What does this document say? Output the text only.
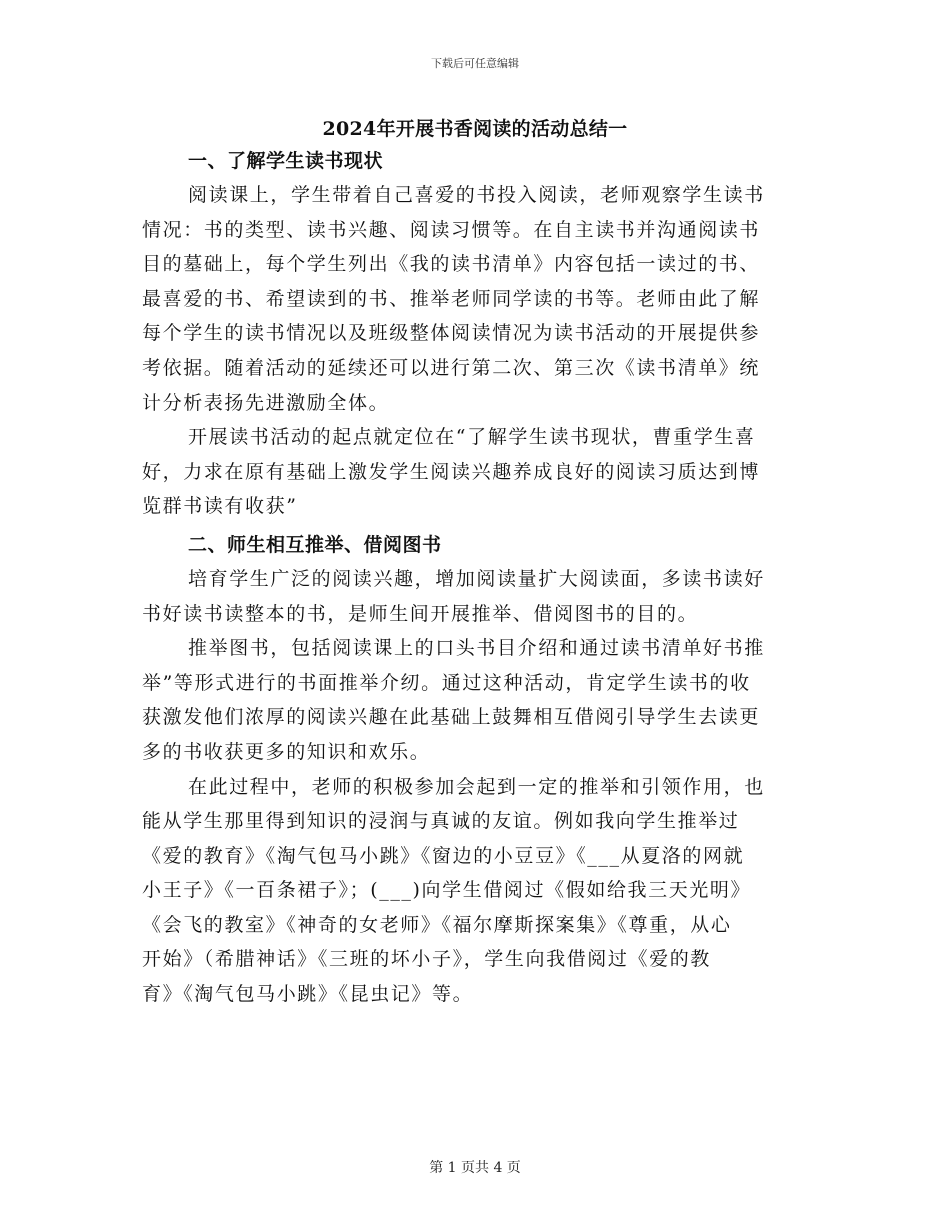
下载后可任意编辑
2024年开展书香阅读的活动总结一
一、了解学生读书现状
阅读课上，学生带着自己喜爱的书投入阅读，老师观察学生读书
情况：书的类型、读书兴趣、阅读习惯等。在自主读书并沟通阅读书
目的墓础上，每个学生列出《我的读书清单》内容包括一读过的书、
最喜爱的书、希望读到的书、推举老师同学读的书等。老师由此了解
每个学生的读书情况以及班级整体阅读情况为读书活动的开展提供参
考依据。随着活动的延续还可以进行第二次、第三次《读书清单》统
计分析表扬先进激励全体。
开展读书活动的起点就定位在“了解学生读书现状，曹重学生喜
好，力求在原有基础上激发学生阅读兴趣养成良好的阅读习质达到博
览群书读有收获”
二、师生相互推举、借阅图书
培育学生广泛的阅读兴趣，增加阅读量扩大阅读面，多读书读好
书好读书读整本的书，是师生间开展推举、借阅图书的目的。
推举图书，包括阅读课上的口头书目介绍和通过读书清单好书推
举”等形式进行的书面推举介纫。通过这种活动，肯定学生读书的收
获激发他们浓厚的阅读兴趣在此基础上鼓舞相互借阅引导学生去读更
多的书收获更多的知识和欢乐。
在此过程中，老师的积极参加会起到一定的推举和引领作用，也
能从学生那里得到知识的浸润与真诚的友谊。例如我向学生推举过
《爱的教育》《淘气包马小跳》《窗边的小豆豆》《___从夏洛的网就
小王子》《一百条裙子》；(___)向学生借阅过《假如给我三天光明》
《会飞的教室》《神奇的女老师》《福尔摩斯探案集》《尊重，从心
开始》（希腊神话》《三班的坏小子》，学生向我借阅过《爱的教
育》《淘气包马小跳》《昆虫记》等。
第 1 页共 4 页
